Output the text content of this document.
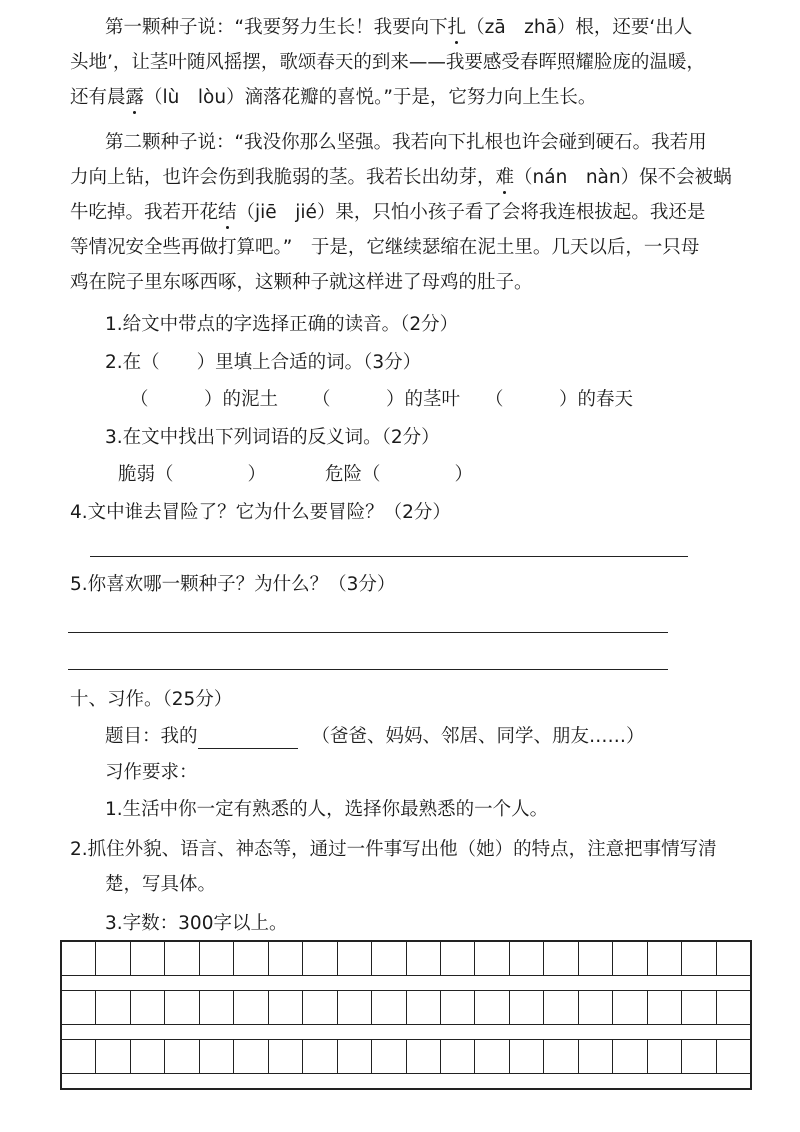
第一颗种子说：“我要努力生长！我要向下扎（zā　zhā）根，还要‘出人
头地’，让茎叶随风摇摆，歌颂春天的到来——我要感受春晖照耀脸庞的温暖，
还有晨露（lù　lòu）滴落花瓣的喜悦。”于是，它努力向上生长。
第二颗种子说：“我没你那么坚强。我若向下扎根也许会碰到硬石。我若用
力向上钻，也许会伤到我脆弱的茎。我若长出幼芽，难（nán　nàn）保不会被蜗
牛吃掉。我若开花结（jiē　jié）果，只怕小孩子看了会将我连根拔起。我还是
等情况安全些再做打算吧。”　于是，它继续瑟缩在泥土里。几天以后，一只母
鸡在院子里东啄西啄，这颗种子就这样进了母鸡的肚子。
1.给文中带点的字选择正确的读音。（2分）
2.在（　　）里填上合适的词。（3分）
（　　　）的泥土 （　　　）的茎叶 （　　　）的春天
3.在文中找出下列词语的反义词。（2分）
脆弱（　　　　）	危险（　　　　）
4.文中谁去冒险了？它为什么要冒险？（2分）
5.你喜欢哪一颗种子？为什么？（3分）
十、习作。（25分）
题目：我的	（爸爸、妈妈、邻居、同学、朋友……）
习作要求：
1.生活中你一定有熟悉的人，选择你最熟悉的一个人。
2.抓住外貌、语言、神态等，通过一件事写出他（她）的特点，注意把事情写清
楚，写具体。
3.字数：300字以上。
